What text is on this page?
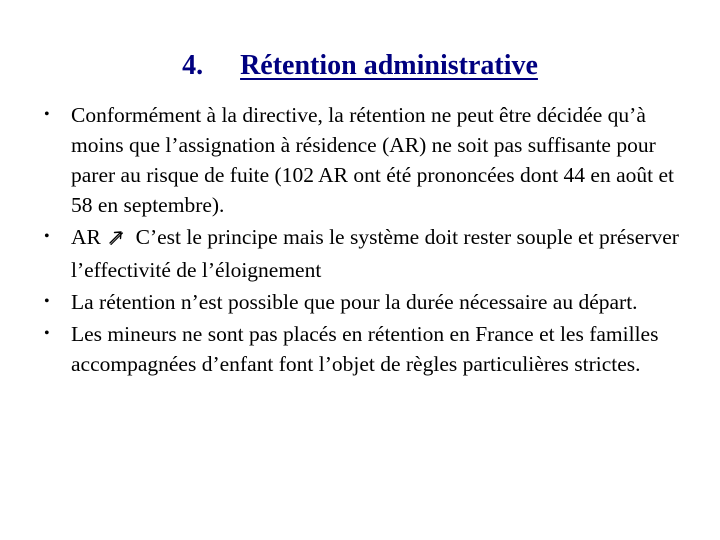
4. Rétention administrative
• Conformément à la directive, la rétention ne peut être décidée qu’à moins que l’assignation à résidence (AR) ne soit pas suffisante pour parer au risque de fuite (102 AR ont été prononcées dont 44 en août et 58 en septembre).
• AR C’est le principe mais le système doit rester souple et préserver l’effectivité de l’éloignement
• La rétention n’est possible que pour la durée nécessaire au départ.
• Les mineurs ne sont pas placés en rétention en France et les familles accompagnées d’enfant font l’objet de règles particulières strictes.
